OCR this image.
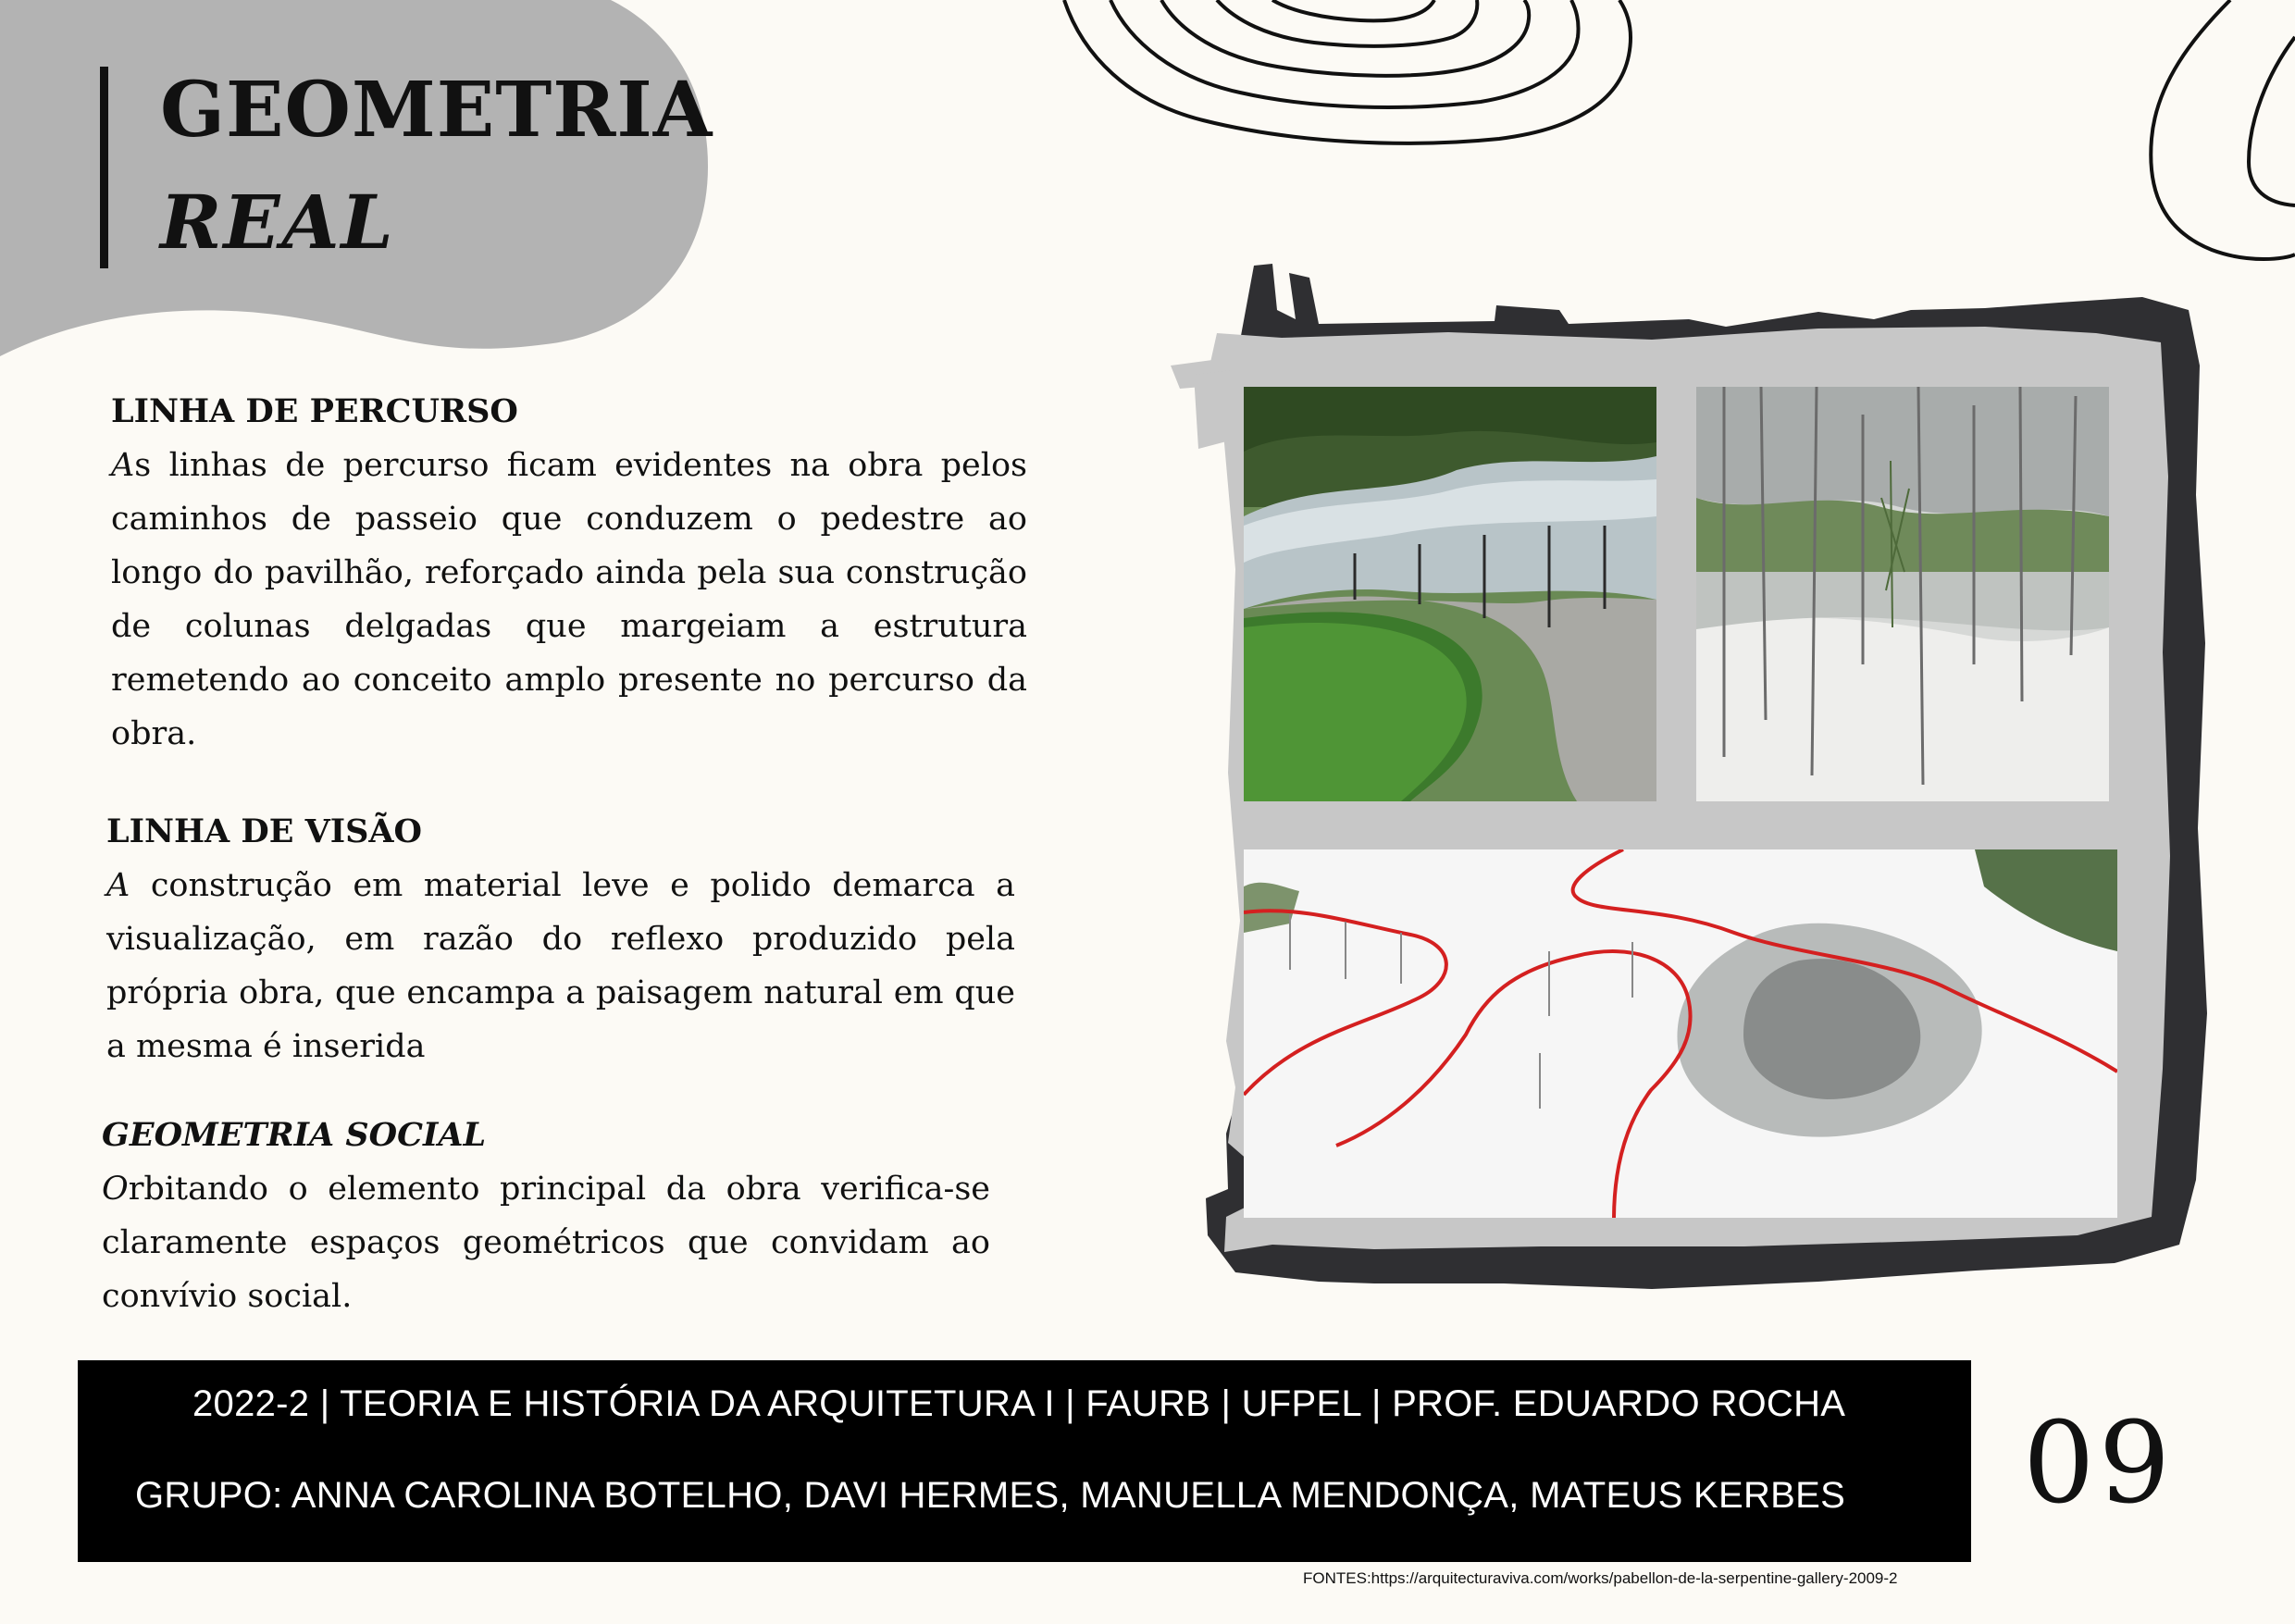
GEOMETRIA
REAL
LINHA DE PERCURSO
As linhas de percurso ficam evidentes na obra pelos caminhos de passeio que conduzem o pedestre ao longo do pavilhão, reforçado ainda pela sua construção de colunas delgadas que margeiam a estrutura remetendo ao conceito amplo presente no percurso da obra.
LINHA DE VISÃO
A construção em material leve e polido demarca a visualização, em razão do reflexo produzido pela própria obra, que encampa a paisagem natural em que a mesma é inserida
GEOMETRIA SOCIAL
Orbitando o elemento principal da obra verifica-se claramente espaços geométricos que convidam ao convívio social.
2022-2 | TEORIA E HISTÓRIA DA ARQUITETURA I | FAURB | UFPEL | PROF. EDUARDO ROCHA
GRUPO: ANNA CAROLINA BOTELHO, DAVI HERMES, MANUELLA MENDONÇA, MATEUS KERBES 09
FONTES:https://arquitecturaviva.com/works/pabellon-de-la-serpentine-gallery-2009-2
